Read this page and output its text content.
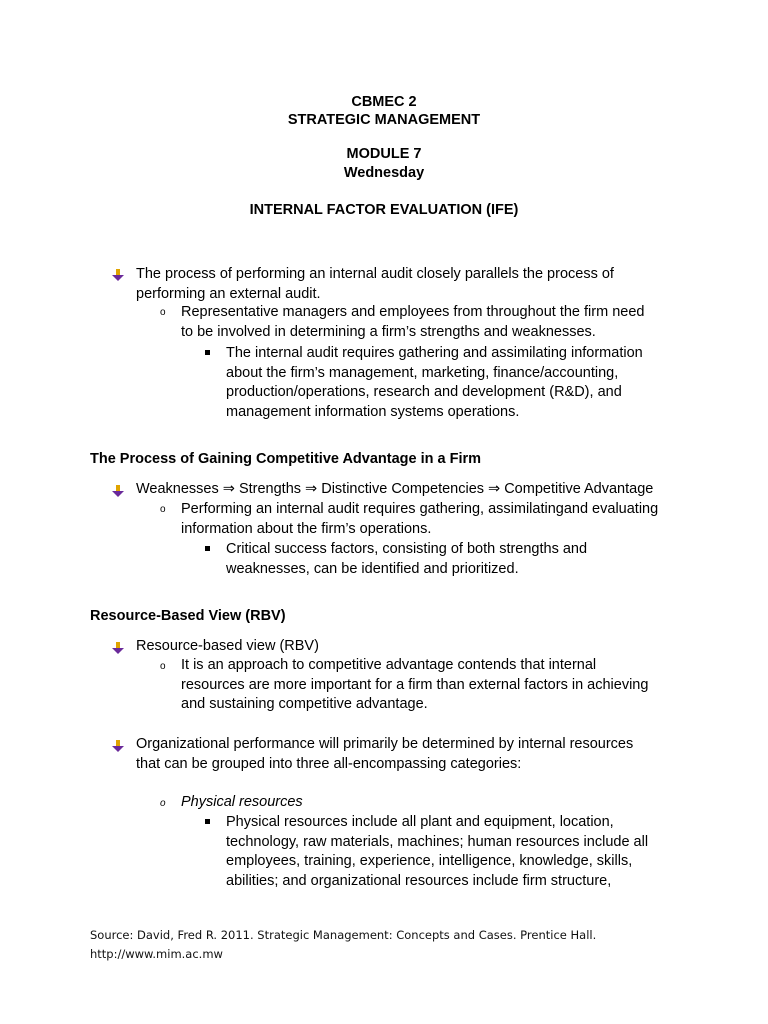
CBMEC 2
STRATEGIC MANAGEMENT
MODULE 7
Wednesday
INTERNAL FACTOR EVALUATION (IFE)
The process of performing an internal audit closely parallels the process of
performing an external audit.
o Representative managers and employees from throughout the firm need
to be involved in determining a firm’s strengths and weaknesses.
The internal audit requires gathering and assimilating information
about the firm’s management, marketing, finance/accounting,
production/operations, research and development (R&D), and
management information systems operations.
The Process of Gaining Competitive Advantage in a Firm
Weaknesses ⇒ Strengths ⇒ Distinctive Competencies ⇒ Competitive Advantage
o Performing an internal audit requires gathering, assimilatingand evaluating
information about the firm’s operations.
Critical success factors, consisting of both strengths and
weaknesses, can be identified and prioritized.
Resource-Based View (RBV)
Resource-based view (RBV)
o It is an approach to competitive advantage contends that internal
resources are more important for a firm than external factors in achieving
and sustaining competitive advantage.
Organizational performance will primarily be determined by internal resources
that can be grouped into three all-encompassing categories:
o Physical resources
Physical resources include all plant and equipment, location,
technology, raw materials, machines; human resources include all
employees, training, experience, intelligence, knowledge, skills,
abilities; and organizational resources include firm structure,
Source: David, Fred R. 2011. Strategic Management: Concepts and Cases. Prentice Hall.
http://www.mim.ac.mw
